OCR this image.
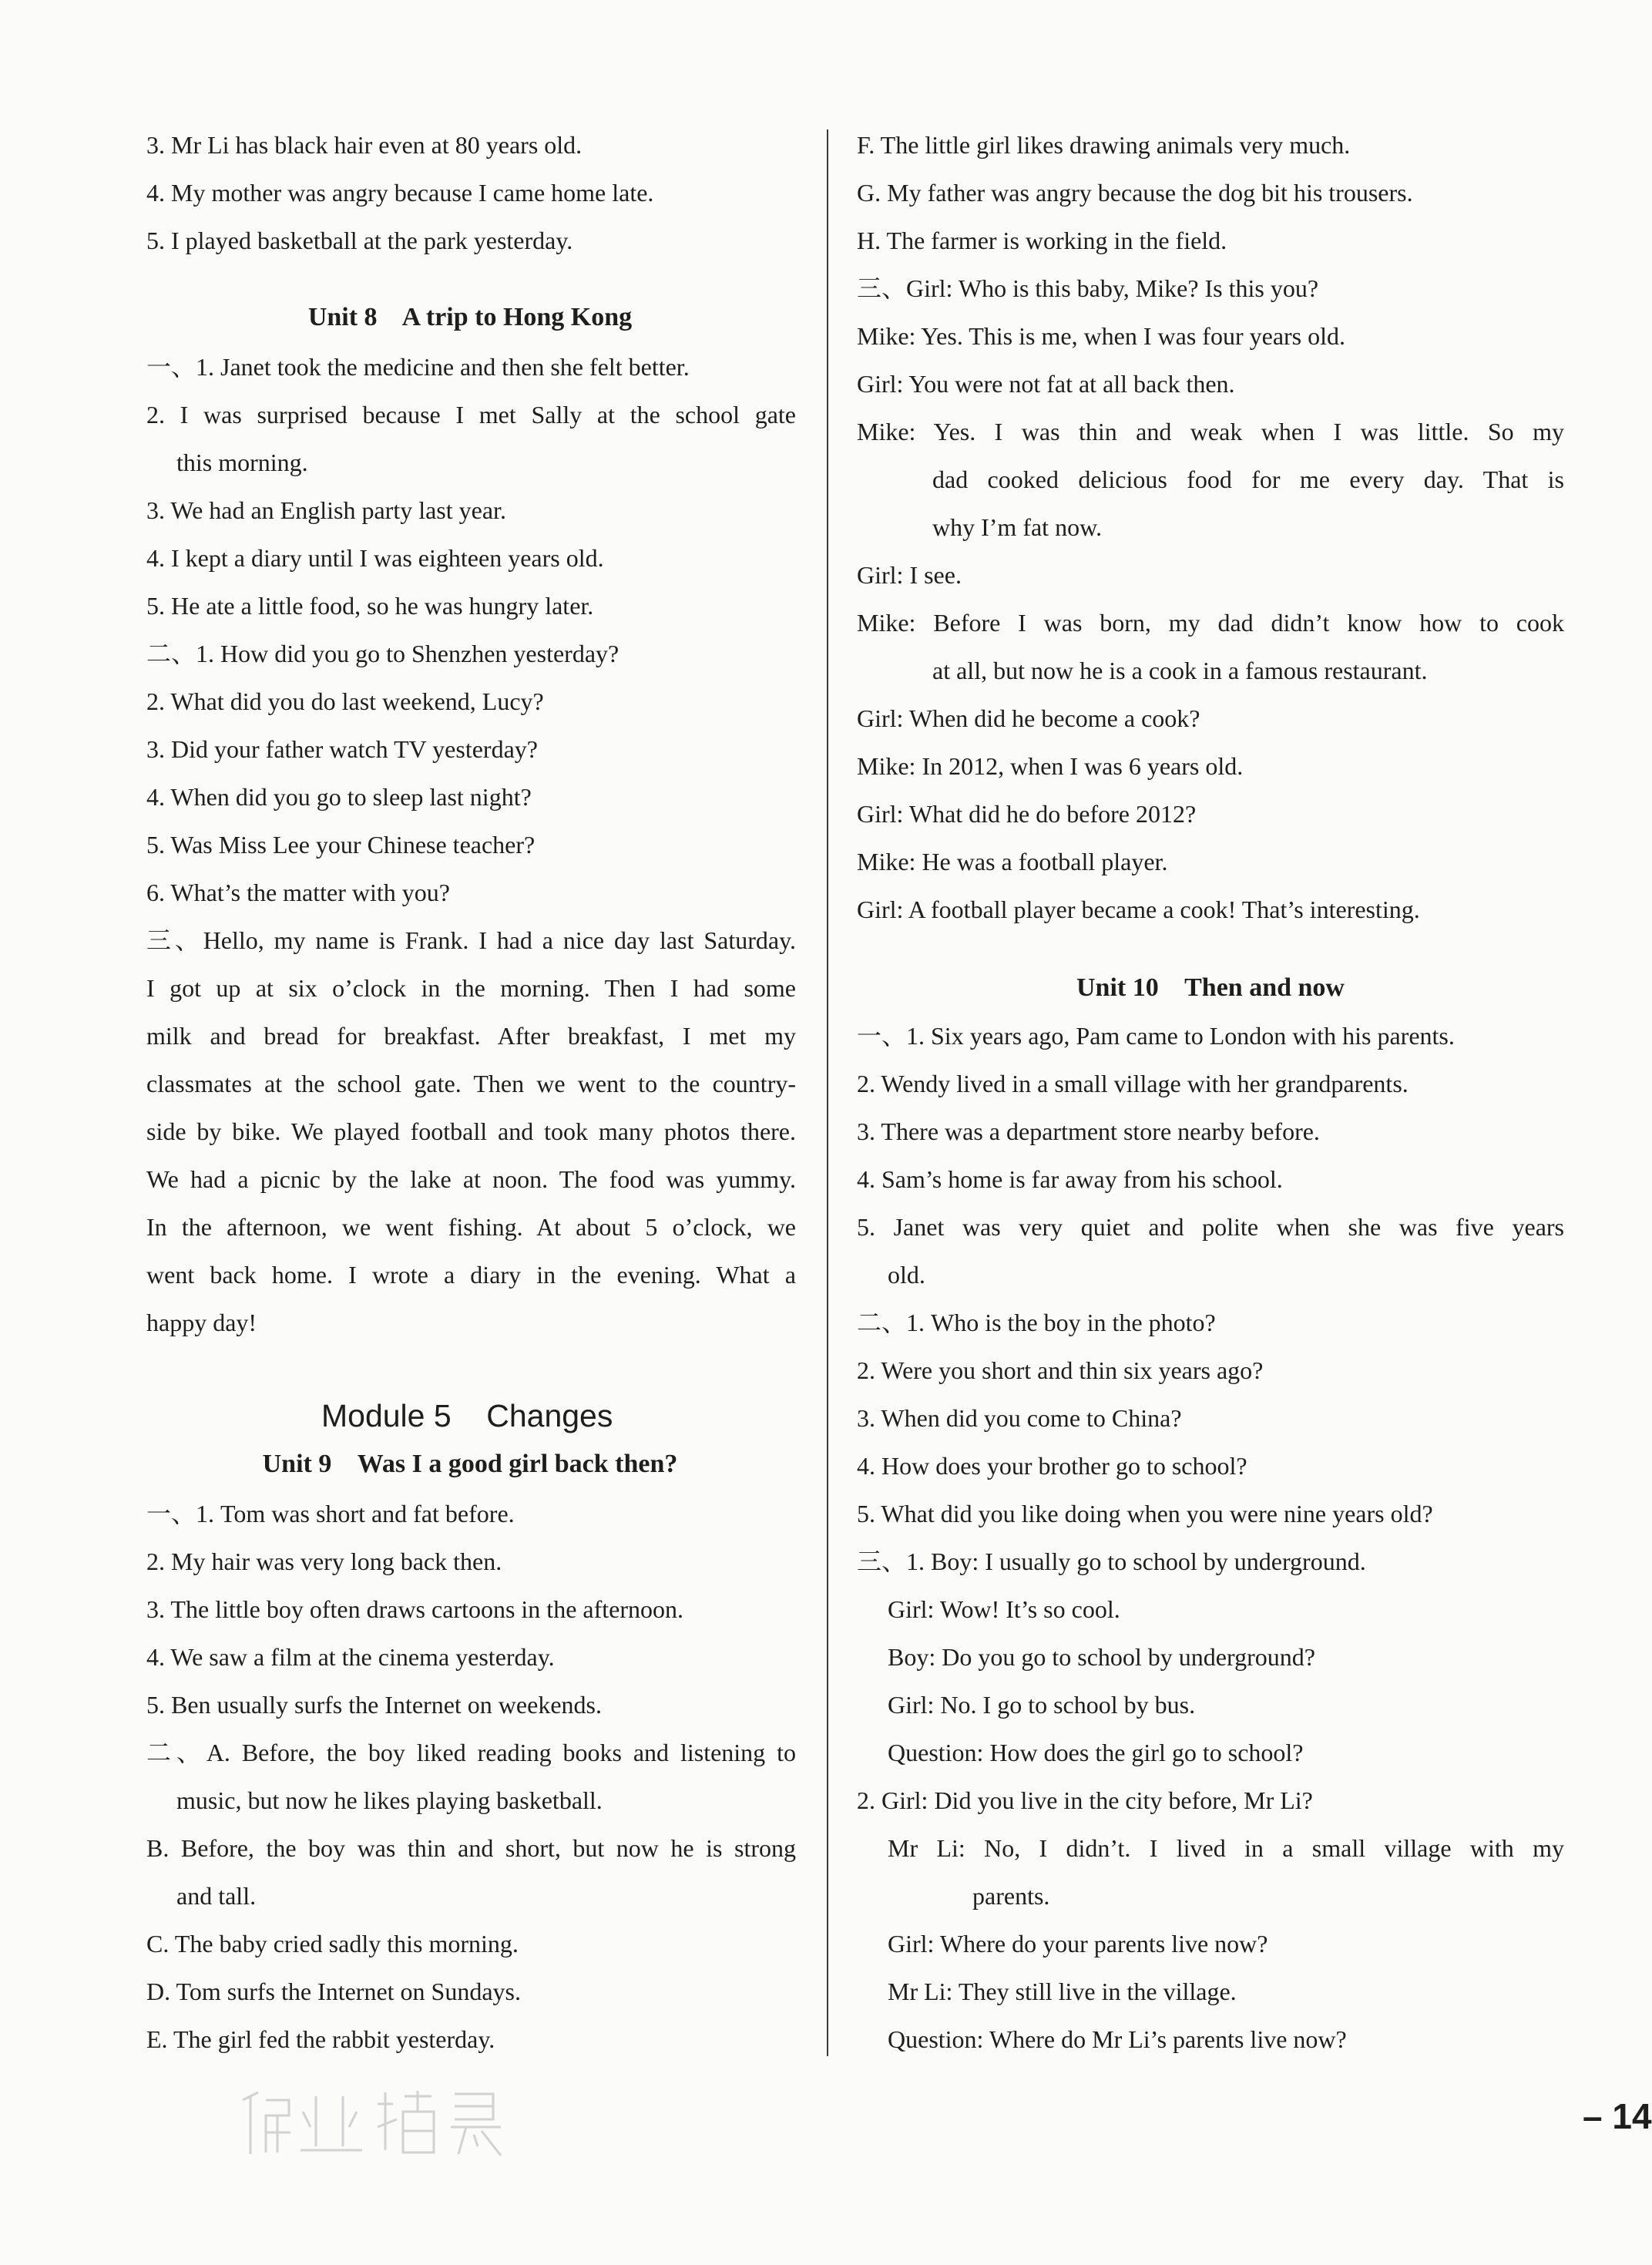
3. Mr Li has black hair even at 80 years old.
4. My mother was angry because I came home late.
5. I played basketball at the park yesterday.
Unit 8    A trip to Hong Kong
一、1. Janet took the medicine and then she felt better.
2. I was surprised because I met Sally at the school gate
this morning.
3. We had an English party last year.
4. I kept a diary until I was eighteen years old.
5. He ate a little food, so he was hungry later.
二、1. How did you go to Shenzhen yesterday?
2. What did you do last weekend, Lucy?
3. Did your father watch TV yesterday?
4. When did you go to sleep last night?
5. Was Miss Lee your Chinese teacher?
6. What’s the matter with you?
三、Hello, my name is Frank. I had a nice day last Saturday.
I got up at six o’clock in the morning. Then I had some
milk and bread for breakfast. After breakfast, I met my
classmates at the school gate. Then we went to the country-
side by bike. We played football and took many photos there.
We had a picnic by the lake at noon. The food was yummy.
In the afternoon, we went fishing. At about 5 o’clock, we
went back home. I wrote a diary in the evening. What a
happy day!
Module 5    Changes
Unit 9    Was I a good girl back then?
一、1. Tom was short and fat before.
2. My hair was very long back then.
3. The little boy often draws cartoons in the afternoon.
4. We saw a film at the cinema yesterday.
5. Ben usually surfs the Internet on weekends.
二、A. Before, the boy liked reading books and listening to
music, but now he likes playing basketball.
B. Before, the boy was thin and short, but now he is strong
and tall.
C. The baby cried sadly this morning.
D. Tom surfs the Internet on Sundays.
E. The girl fed the rabbit yesterday.
F. The little girl likes drawing animals very much.
G. My father was angry because the dog bit his trousers.
H. The farmer is working in the field.
三、Girl: Who is this baby, Mike? Is this you?
Mike: Yes. This is me, when I was four years old.
Girl: You were not fat at all back then.
Mike: Yes. I was thin and weak when I was little. So my
dad cooked delicious food for me every day. That is
why I’m fat now.
Girl: I see.
Mike: Before I was born, my dad didn’t know how to cook
at all, but now he is a cook in a famous restaurant.
Girl: When did he become a cook?
Mike: In 2012, when I was 6 years old.
Girl: What did he do before 2012?
Mike: He was a football player.
Girl: A football player became a cook! That’s interesting.
Unit 10    Then and now
一、1. Six years ago, Pam came to London with his parents.
2. Wendy lived in a small village with her grandparents.
3. There was a department store nearby before.
4. Sam’s home is far away from his school.
5. Janet was very quiet and polite when she was five years
old.
二、1. Who is the boy in the photo?
2. Were you short and thin six years ago?
3. When did you come to China?
4. How does your brother go to school?
5. What did you like doing when you were nine years old?
三、1. Boy: I usually go to school by underground.
Girl: Wow! It’s so cool.
Boy: Do you go to school by underground?
Girl: No. I go to school by bus.
Question: How does the girl go to school?
2. Girl: Did you live in the city before, Mr Li?
Mr Li: No, I didn’t. I lived in a small village with my
parents.
Girl: Where do your parents live now?
Mr Li: They still live in the village.
Question: Where do Mr Li’s parents live now?
– 14
